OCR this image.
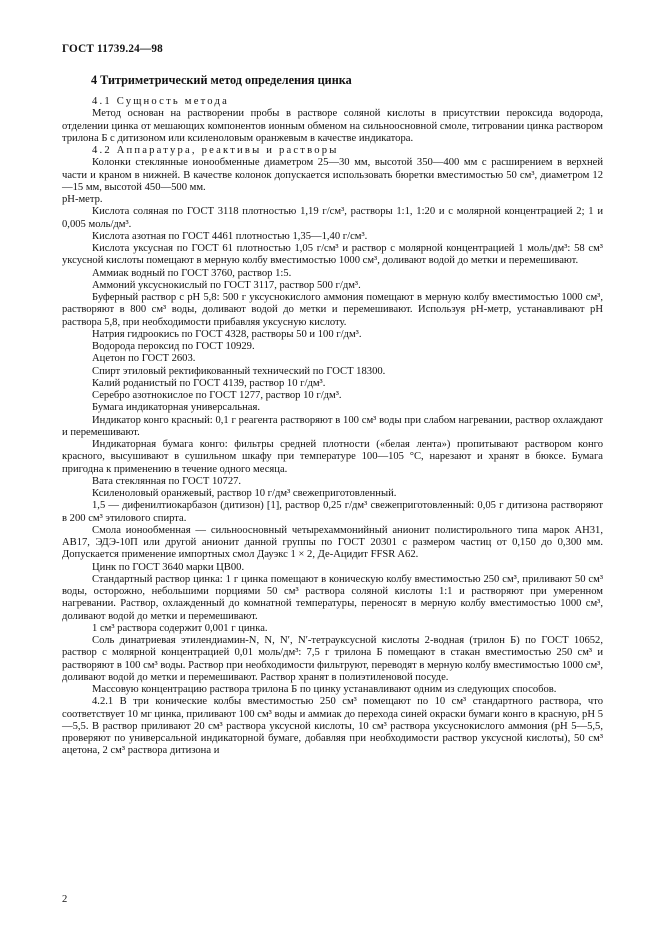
ГОСТ 11739.24—98
4 Титриметрический метод определения цинка

4.1 Сущность метода

Метод основан на растворении пробы в растворе соляной кислоты в присутствии пероксида водорода, отделении цинка от мешающих компонентов ионным обменом на сильноосновной смоле, титровании цинка раствором трилона Б с дитизоном или ксиленоловым оранжевым в качестве индикатора.

4.2 Аппаратура, реактивы и растворы

Колонки стеклянные ионообменные диаметром 25—30 мм, высотой 350—400 мм с расширением в верхней части и краном в нижней. В качестве колонок допускается использовать бюретки вместимостью 50 см³, диаметром 12—15 мм, высотой 450—500 мм.

pH-метр.

Кислота соляная по ГОСТ 3118 плотностью 1,19 г/см³, растворы 1:1, 1:20 и с молярной концентрацией 2; 1 и 0,005 моль/дм³.

Кислота азотная по ГОСТ 4461 плотностью 1,35—1,40 г/см³.

Кислота уксусная по ГОСТ 61 плотностью 1,05 г/см³ и раствор с молярной концентрацией 1 моль/дм³: 58 см³ уксусной кислоты помещают в мерную колбу вместимостью 1000 см³, доливают водой до метки и перемешивают.

Аммиак водный по ГОСТ 3760, раствор 1:5.

Аммоний уксуснокислый по ГОСТ 3117, раствор 500 г/дм³.

Буферный раствор с pH 5,8: 500 г уксуснокислого аммония помещают в мерную колбу вместимостью 1000 см³, растворяют в 800 см³ воды, доливают водой до метки и перемешивают. Используя pH-метр, устанавливают pH раствора 5,8, при необходимости прибавляя уксусную кислоту.

Натрия гидроокись по ГОСТ 4328, растворы 50 и 100 г/дм³.

Водорода пероксид по ГОСТ 10929.

Ацетон по ГОСТ 2603.

Спирт этиловый ректификованный технический по ГОСТ 18300.

Калий роданистый по ГОСТ 4139, раствор 10 г/дм³.

Серебро азотнокислое по ГОСТ 1277, раствор 10 г/дм³.

Бумага индикаторная универсальная.

Индикатор конго красный: 0,1 г реагента растворяют в 100 см³ воды при слабом нагревании, раствор охлаждают и перемешивают.

Индикаторная бумага конго: фильтры средней плотности («белая лента») пропитывают раствором конго красного, высушивают в сушильном шкафу при температуре 100—105 °С, нарезают и хранят в бюксе. Бумага пригодна к применению в течение одного месяца.

Вата стеклянная по ГОСТ 10727.

Ксиленоловый оранжевый, раствор 10 г/дм³ свежеприготовленный.

1,5 — дифенилтиокарбазон (дитизон) [1], раствор 0,25 г/дм³ свежеприготовленный: 0,05 г дитизона растворяют в 200 см³ этилового спирта.

Смола ионообменная — сильноосновный четырехаммонийный анионит полистирольного типа марок АН31, АВ17, ЭДЭ-10П или другой анионит данной группы по ГОСТ 20301 с размером частиц от 0,150 до 0,300 мм. Допускается применение импортных смол Дауэкс 1 × 2, Де-Ацидит FFSR A62.

Цинк по ГОСТ 3640 марки ЦВ00.

Стандартный раствор цинка: 1 г цинка помещают в коническую колбу вместимостью 250 см³, приливают 50 см³ воды, осторожно, небольшими порциями 50 см³ раствора соляной кислоты 1:1 и растворяют при умеренном нагревании. Раствор, охлажденный до комнатной температуры, переносят в мерную колбу вместимостью 1000 см³, доливают водой до метки и перемешивают.

1 см³ раствора содержит 0,001 г цинка.

Соль динатриевая этилендиамин-N, N, N′, N′-тетрауксусной кислоты 2-водная (трилон Б) по ГОСТ 10652, раствор с молярной концентрацией 0,01 моль/дм³: 7,5 г трилона Б помещают в стакан вместимостью 250 см³ и растворяют в 100 см³ воды. Раствор при необходимости фильтруют, переводят в мерную колбу вместимостью 1000 см³, доливают водой до метки и перемешивают. Раствор хранят в полиэтиленовой посуде.

Массовую концентрацию раствора трилона Б по цинку устанавливают одним из следующих способов.

4.2.1 В три конические колбы вместимостью 250 см³ помещают по 10 см³ стандартного раствора, что соответствует 10 мг цинка, приливают 100 см³ воды и аммиак до перехода синей окраски бумаги конго в красную, pH 5—5,5. В раствор приливают 20 см³ раствора уксусной кислоты, 10 см³ раствора уксуснокислого аммония (pH 5—5,5, проверяют по универсальной индикаторной бумаге, добавляя при необходимости раствор уксусной кислоты), 50 см³ ацетона, 2 см³ раствора дитизона и

2
